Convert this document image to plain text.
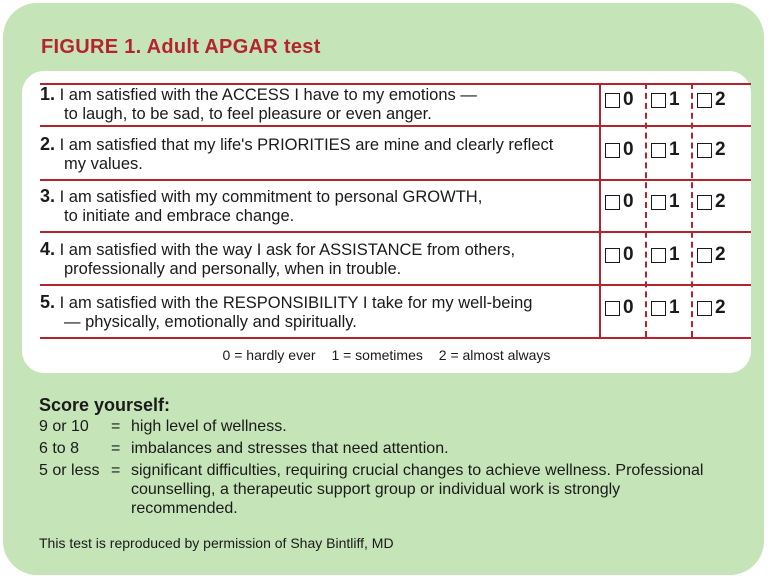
FIGURE 1. Adult APGAR test
1. I am satisfied with the ACCESS I have to my emotions —
to laugh, to be sad, to feel pleasure or even anger.
2. I am satisfied that my life's PRIORITIES are mine and clearly reflect
my values.
3. I am satisfied with my commitment to personal GROWTH,
to initiate and embrace change.
4. I am satisfied with the way I ask for ASSISTANCE from others,
professionally and personally, when in trouble.
5. I am satisfied with the RESPONSIBILITY I take for my well-being
— physically, emotionally and spiritually.
0 1 2
0 1 2
0 1 2
0 1 2
0 1 2
0 = hardly ever 1 = sometimes 2 = almost always
Score yourself:
9 or 10	= high level of wellness.
6 to 8	= imbalances and stresses that need attention.
5 or less = significant difficulties, requiring crucial changes to achieve wellness. Professional counselling, a therapeutic support group or individual work is strongly recommended.
This test is reproduced by permission of Shay Bintliff, MD
